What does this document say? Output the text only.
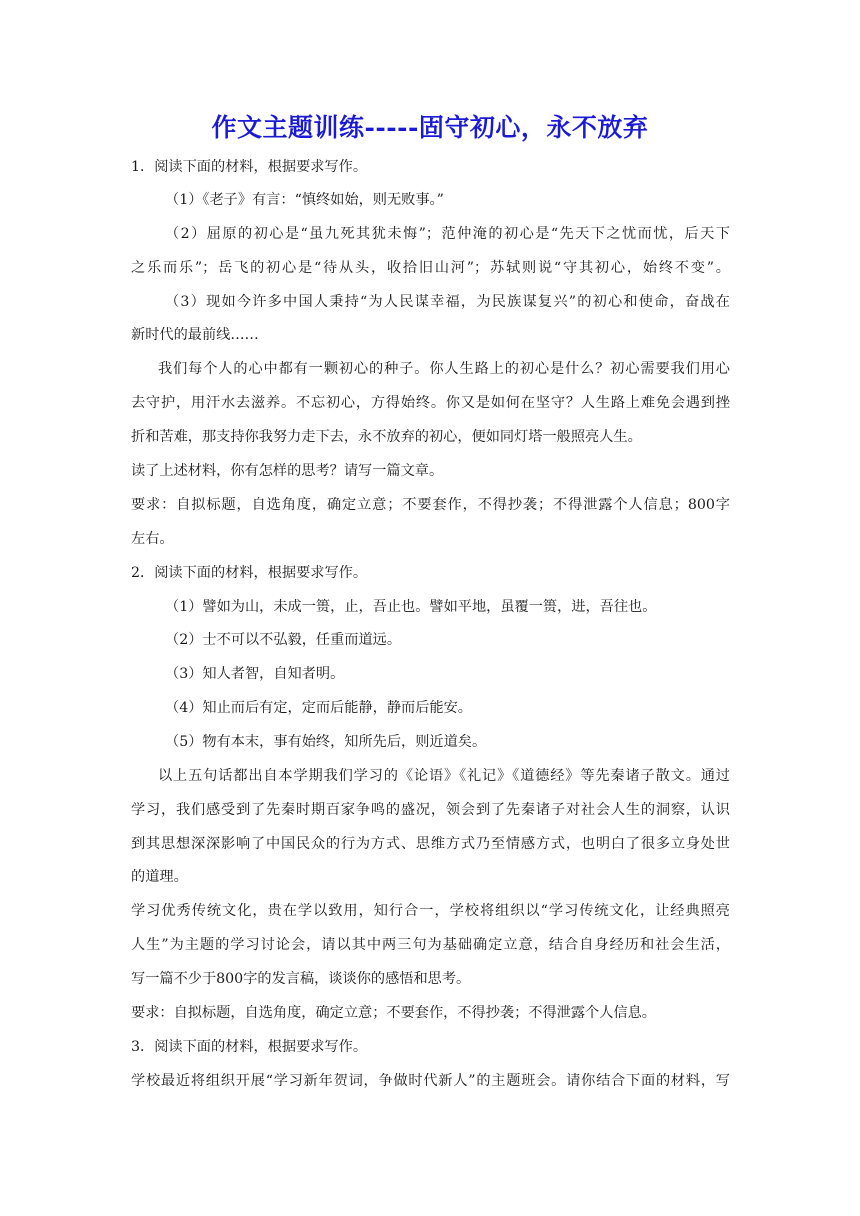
作文主题训练-----固守初心，永不放弃
1．阅读下面的材料，根据要求写作。
（1）《老子》有言：“慎终如始，则无败事。”
（2）屈原的初心是“虽九死其犹未悔”；范仲淹的初心是“先天下之忧而忧，后天下
之乐而乐”；岳飞的初心是“待从头，收拾旧山河”；苏轼则说“守其初心，始终不变”。
（3）现如今许多中国人秉持“为人民谋幸福，为民族谋复兴”的初心和使命，奋战在
新时代的最前线……
我们每个人的心中都有一颗初心的种子。你人生路上的初心是什么？初心需要我们用心
去守护，用汗水去滋养。不忘初心，方得始终。你又是如何在坚守？人生路上难免会遇到挫
折和苦难，那支持你我努力走下去，永不放弃的初心，便如同灯塔一般照亮人生。
读了上述材料，你有怎样的思考？请写一篇文章。
要求：自拟标题，自选角度，确定立意；不要套作，不得抄袭；不得泄露个人信息；800字
左右。
2．阅读下面的材料，根据要求写作。
（1）譬如为山，未成一篑，止，吾止也。譬如平地，虽覆一篑，进，吾往也。
（2）士不可以不弘毅，任重而道远。
（3）知人者智，自知者明。
（4）知止而后有定，定而后能静，静而后能安。
（5）物有本末，事有始终，知所先后，则近道矣。
以上五句话都出自本学期我们学习的《论语》《礼记》《道德经》等先秦诸子散文。通过
学习，我们感受到了先秦时期百家争鸣的盛况，领会到了先秦诸子对社会人生的洞察，认识
到其思想深深影响了中国民众的行为方式、思维方式乃至情感方式，也明白了很多立身处世
的道理。
学习优秀传统文化，贵在学以致用，知行合一，学校将组织以“学习传统文化，让经典照亮
人生”为主题的学习讨论会，请以其中两三句为基础确定立意，结合自身经历和社会生活，
写一篇不少于800字的发言稿，谈谈你的感悟和思考。
要求：自拟标题，自选角度，确定立意；不要套作，不得抄袭；不得泄露个人信息。
3．阅读下面的材料，根据要求写作。
学校最近将组织开展“学习新年贺词，争做时代新人”的主题班会。请你结合下面的材料，写
